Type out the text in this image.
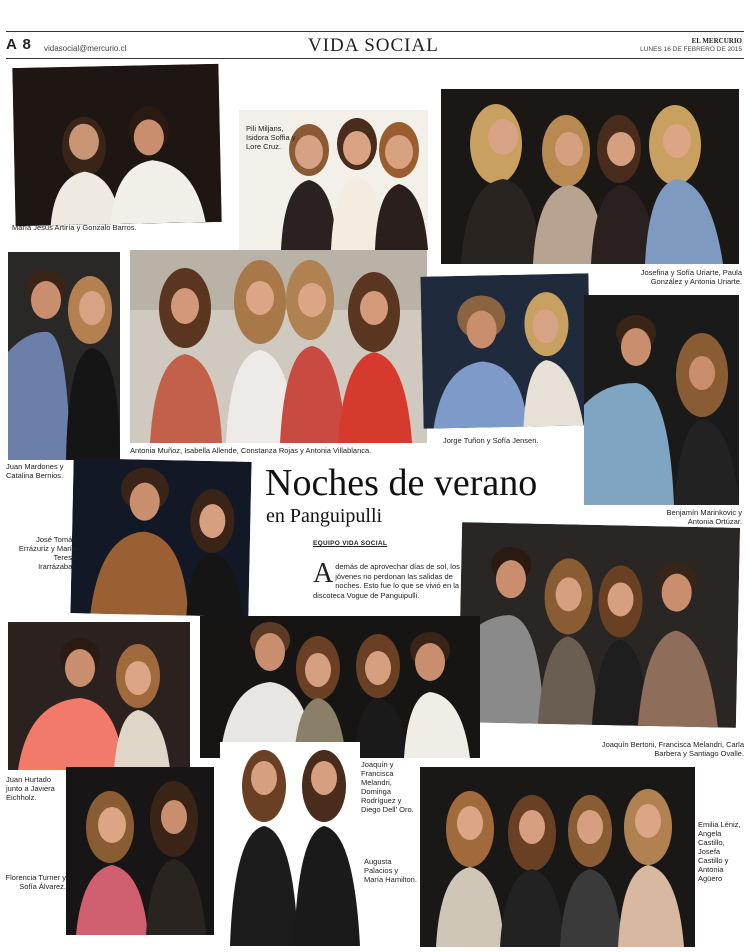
A 8 vidasocial@mercurio.cl	VIDA SOCIAL	EL MERCURIO
LUNES 16 DE FEBRERO DE 2015
María Jesús Artiría y Gonzalo Barros.
Pili Miljans, Isidora Soffia y Lore Cruz.
Josefina y Sofía Uriarte, Paula González y Antonia Uriarte.
Antonia Muñoz, Isabella Allende, Constanza Rojas y Antonia Villablanca.
Jorge Tuñon y Sofía Jensen.
Juan Mardones y Catalina Bernios.
Benjamín Marinkovic y Antonia Ortúzar.
José Tomás Errázuriz y María Teresa Irarrázabal.
Joaquín Bertoni, Francisca Melandri, Carla Barbera y Santiago Ovalle.
Juan Hurtado junto a Javiera Eichholz.
Joaquín y Francisca Melandri, Dominga Rodríguez y Diego Dell' Oro.
Florencia Turner y Sofía Álvarez.
Augusta Palacios y María Hamilton.
Emilia Léniz, Angela Castillo, Josefa Castillo y Antonia Agüero
Noches de verano
en Panguipulli
EQUIPO VIDA SOCIAL
Además de aprovechar días de sol, los jóvenes no perdonan las salidas de noches. Esto fue lo que se vivió en la discoteca Vogue de Panguipulli.
